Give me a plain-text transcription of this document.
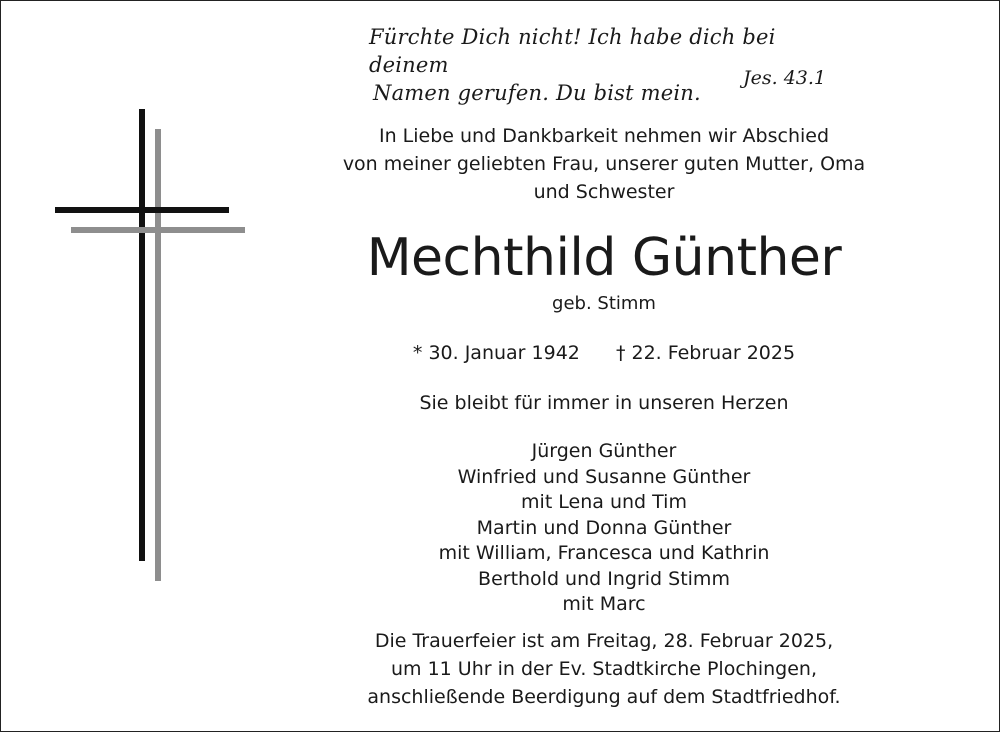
Fürchte Dich nicht! Ich habe dich bei deinem
Namen gerufen. Du bist mein.
Jes. 43.1
In Liebe und Dankbarkeit nehmen wir Abschied
von meiner geliebten Frau, unserer guten Mutter, Oma
und Schwester
Mechthild Günther
geb. Stimm
* 30. Januar 1942 † 22. Februar 2025
Sie bleibt für immer in unseren Herzen
Jürgen Günther
Winfried und Susanne Günther
mit Lena und Tim
Martin und Donna Günther
mit William, Francesca und Kathrin
Berthold und Ingrid Stimm
mit Marc
Die Trauerfeier ist am Freitag, 28. Februar 2025,
um 11 Uhr in der Ev. Stadtkirche Plochingen,
anschließende Beerdigung auf dem Stadtfriedhof.
